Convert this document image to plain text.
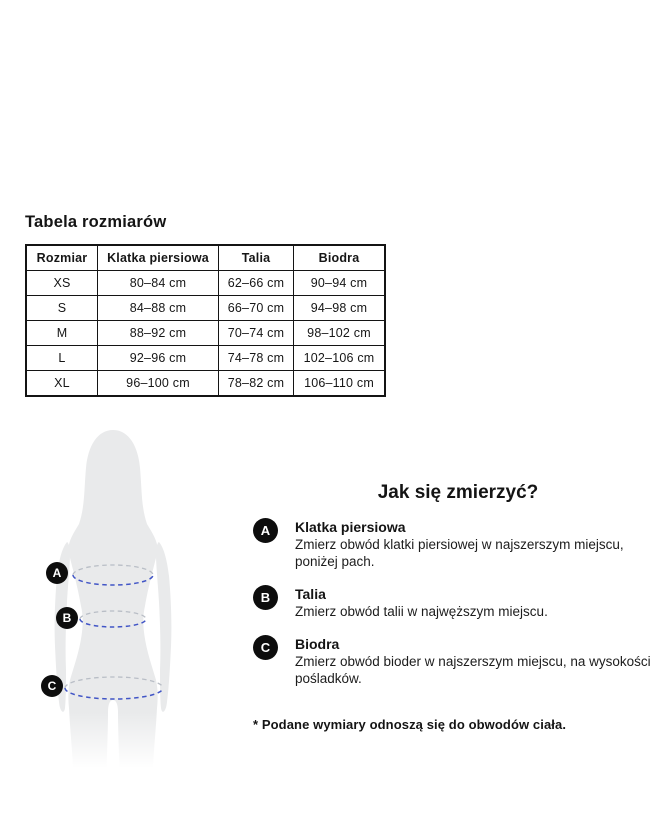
Tabela rozmiarów
Rozmiar	Klatka piersiowa	Talia	Biodra
XS	80–84 cm	62–66 cm	90–94 cm
S	84–88 cm	66–70 cm	94–98 cm
M	88–92 cm	70–74 cm	98–102 cm
L	92–96 cm	74–78 cm	102–106 cm
XL	96–100 cm	78–82 cm	106–110 cm
A
B
C
Jak się zmierzyć?
A	Klatka piersiowa
Zmierz obwód klatki piersiowej w najszerszym miejscu, poniżej pach.
B	Talia
Zmierz obwód talii w najwęższym miejscu.
C	Biodra
Zmierz obwód bioder w najszerszym miejscu, na wysokości pośladków.

* Podane wymiary odnoszą się do obwodów ciała.
